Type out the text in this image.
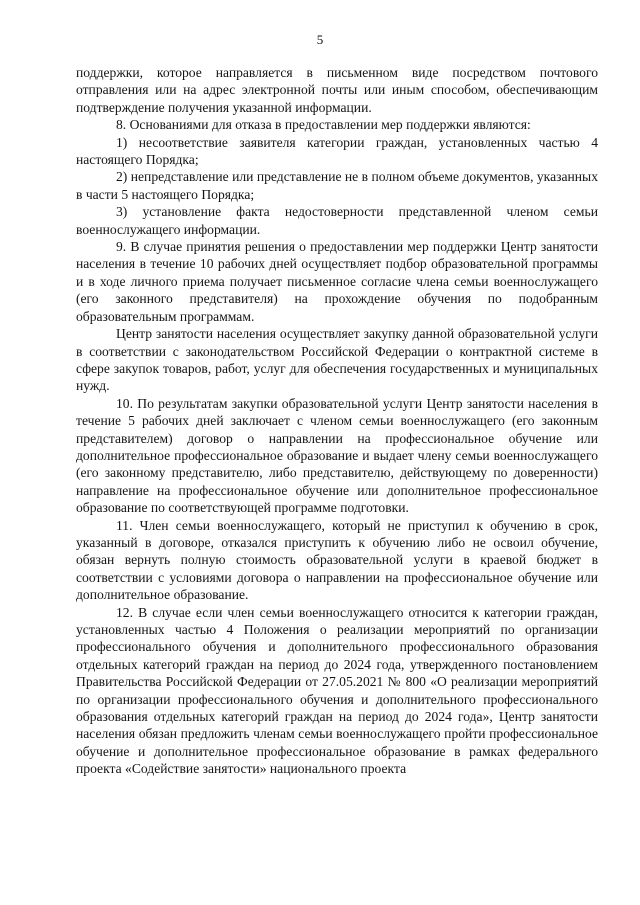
5

поддержки, которое направляется в письменном виде посредством почтового отправления или на адрес электронной почты или иным способом, обеспечивающим подтверждение получения указанной информации.

8. Основаниями для отказа в предоставлении мер поддержки являются:

1) несоответствие заявителя категории граждан, установленных частью 4 настоящего Порядка;

2) непредставление или представление не в полном объеме документов, указанных в части 5 настоящего Порядка;

3) установление факта недостоверности представленной членом семьи военнослужащего информации.

9. В случае принятия решения о предоставлении мер поддержки Центр занятости населения в течение 10 рабочих дней осуществляет подбор образовательной программы и в ходе личного приема получает письменное согласие члена семьи военнослужащего (его законного представителя) на прохождение обучения по подобранным образовательным программам.

Центр занятости населения осуществляет закупку данной образовательной услуги в соответствии с законодательством Российской Федерации о контрактной системе в сфере закупок товаров, работ, услуг для обеспечения государственных и муниципальных нужд.

10. По результатам закупки образовательной услуги Центр занятости населения в течение 5 рабочих дней заключает с членом семьи военнослужащего (его законным представителем) договор о направлении на профессиональное обучение или дополнительное профессиональное образование и выдает члену семьи военнослужащего (его законному представителю, либо представителю, действующему по доверенности) направление на профессиональное обучение или дополнительное профессиональное образование по соответствующей программе подготовки.

11. Член семьи военнослужащего, который не приступил к обучению в срок, указанный в договоре, отказался приступить к обучению либо не освоил обучение, обязан вернуть полную стоимость образовательной услуги в краевой бюджет в соответствии с условиями договора о направлении на профессиональное обучение или дополнительное образование.

12. В случае если член семьи военнослужащего относится к категории граждан, установленных частью 4 Положения о реализации мероприятий по организации профессионального обучения и дополнительного профессионального образования отдельных категорий граждан на период до 2024 года, утвержденного постановлением Правительства Российской Федерации от 27.05.2021 № 800 «О реализации мероприятий по организации профессионального обучения и дополнительного профессионального образования отдельных категорий граждан на период до 2024 года», Центр занятости населения обязан предложить членам семьи военнослужащего пройти профессиональное обучение и дополнительное профессиональное образование в рамках федерального проекта «Содействие занятости» национального проекта
